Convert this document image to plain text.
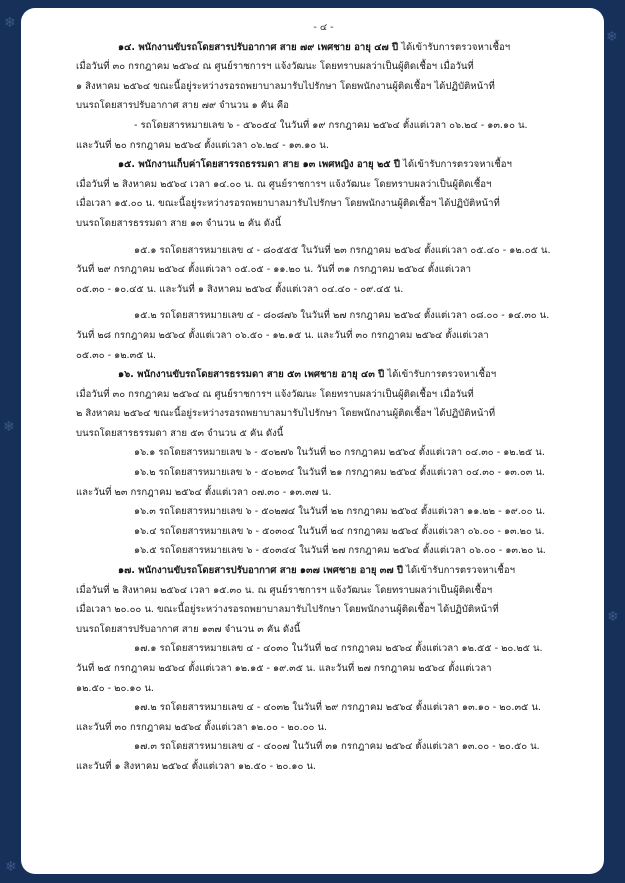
❄
❄
❄
❄
❄
- ๔ -
๑๔. พนักงานขับรถโดยสารปรับอากาศ สาย ๗๙ เพศชาย อายุ ๔๗ ปี ได้เข้ารับการตรวจหาเชื้อฯ
เมื่อวันที่ ๓๐ กรกฎาคม ๒๕๖๔ ณ ศูนย์ราชการฯ แจ้งวัฒนะ โดยทราบผลว่าเป็นผู้ติดเชื้อฯ เมื่อวันที่
๑ สิงหาคม ๒๕๖๔ ขณะนี้อยู่ระหว่างรอรถพยาบาลมารับไปรักษา โดยพนักงานผู้ติดเชื้อฯ ได้ปฏิบัติหน้าที่
บนรถโดยสารปรับอากาศ สาย ๗๙ จำนวน ๑ คัน คือ
- รถโดยสารหมายเลข ๖ - ๕๖๐๕๔ ในวันที่ ๑๙ กรกฎาคม ๒๕๖๔ ตั้งแต่เวลา ๐๖.๒๔ - ๑๓.๑๐ น.
และวันที่ ๒๐ กรกฎาคม ๒๕๖๔ ตั้งแต่เวลา ๐๖.๒๔ - ๑๓.๑๐ น.
๑๕. พนักงานเก็บค่าโดยสารรถธรรมดา สาย ๑๓ เพศหญิง อายุ ๒๕ ปี ได้เข้ารับการตรวจหาเชื้อฯ
เมื่อวันที่ ๒ สิงหาคม ๒๕๖๔ เวลา ๑๔.๐๐ น. ณ ศูนย์ราชการฯ แจ้งวัฒนะ โดยทราบผลว่าเป็นผู้ติดเชื้อฯ
เมื่อเวลา ๑๕.๐๐ น. ขณะนี้อยู่ระหว่างรอรถพยาบาลมารับไปรักษา โดยพนักงานผู้ติดเชื้อฯ ได้ปฏิบัติหน้าที่
บนรถโดยสารธรรมดา สาย ๑๓ จำนวน ๒ คัน ดังนี้
๑๕.๑ รถโดยสารหมายเลข ๔ - ๘๐๕๕๕ ในวันที่ ๒๓ กรกฎาคม ๒๕๖๔ ตั้งแต่เวลา ๐๕.๔๐ - ๑๒.๐๕ น.
วันที่ ๒๙ กรกฎาคม ๒๕๖๔ ตั้งแต่เวลา ๐๕.๐๕ - ๑๑.๒๐ น. วันที่ ๓๑ กรกฎาคม ๒๕๖๔ ตั้งแต่เวลา
๐๕.๓๐ - ๑๐.๔๕ น. และวันที่ ๑ สิงหาคม ๒๕๖๔ ตั้งแต่เวลา ๐๔.๔๐ - ๐๙.๔๕ น.
๑๕.๒ รถโดยสารหมายเลข ๔ - ๘๐๘๗๖ ในวันที่ ๒๗ กรกฎาคม ๒๕๖๔ ตั้งแต่เวลา ๐๘.๐๐ - ๑๔.๓๐ น.
วันที่ ๒๘ กรกฎาคม ๒๕๖๔ ตั้งแต่เวลา ๐๖.๕๐ - ๑๒.๑๕ น. และวันที่ ๓๐ กรกฎาคม ๒๕๖๔ ตั้งแต่เวลา
๐๕.๓๐ - ๑๒.๓๕ น.
๑๖. พนักงานขับรถโดยสารธรรมดา สาย ๕๓ เพศชาย อายุ ๔๓ ปี ได้เข้ารับการตรวจหาเชื้อฯ
เมื่อวันที่ ๓๐ กรกฎาคม ๒๕๖๔ ณ ศูนย์ราชการฯ แจ้งวัฒนะ โดยทราบผลว่าเป็นผู้ติดเชื้อฯ เมื่อวันที่
๒ สิงหาคม ๒๕๖๔ ขณะนี้อยู่ระหว่างรอรถพยาบาลมารับไปรักษา โดยพนักงานผู้ติดเชื้อฯ ได้ปฏิบัติหน้าที่
บนรถโดยสารธรรมดา สาย ๕๓ จำนวน ๕ คัน ดังนี้
๑๖.๑ รถโดยสารหมายเลข ๖ - ๕๐๒๗๖ ในวันที่ ๒๐ กรกฎาคม ๒๕๖๔ ตั้งแต่เวลา ๐๔.๓๐ - ๑๒.๒๕ น.
๑๖.๒ รถโดยสารหมายเลข ๖ - ๕๐๒๓๔ ในวันที่ ๒๑ กรกฎาคม ๒๕๖๔ ตั้งแต่เวลา ๐๔.๓๐ - ๑๓.๐๓ น.
และวันที่ ๒๓ กรกฎาคม ๒๕๖๔ ตั้งแต่เวลา ๐๗.๓๐ - ๑๓.๓๗ น.
๑๖.๓ รถโดยสารหมายเลข ๖ - ๕๐๒๗๔ ในวันที่ ๒๒ กรกฎาคม ๒๕๖๔ ตั้งแต่เวลา ๑๑.๒๒ - ๑๙.๐๐ น.
๑๖.๔ รถโดยสารหมายเลข ๖ - ๕๐๓๐๔ ในวันที่ ๒๔ กรกฎาคม ๒๕๖๔ ตั้งแต่เวลา ๐๖.๐๐ - ๑๓.๒๐ น.
๑๖.๕ รถโดยสารหมายเลข ๖ - ๕๐๓๔๔ ในวันที่ ๒๗ กรกฎาคม ๒๕๖๔ ตั้งแต่เวลา ๐๖.๐๐ - ๑๓.๒๐ น.
๑๗. พนักงานขับรถโดยสารปรับอากาศ สาย ๑๓๗ เพศชาย อายุ ๓๗ ปี ได้เข้ารับการตรวจหาเชื้อฯ
เมื่อวันที่ ๒ สิงหาคม ๒๕๖๔ เวลา ๑๕.๓๐ น. ณ ศูนย์ราชการฯ แจ้งวัฒนะ โดยทราบผลว่าเป็นผู้ติดเชื้อฯ
เมื่อเวลา ๒๐.๐๐ น. ขณะนี้อยู่ระหว่างรอรถพยาบาลมารับไปรักษา โดยพนักงานผู้ติดเชื้อฯ ได้ปฏิบัติหน้าที่
บนรถโดยสารปรับอากาศ สาย ๑๓๗ จำนวน ๓ คัน ดังนี้
๑๗.๑ รถโดยสารหมายเลข ๔ - ๔๐๓๐ ในวันที่ ๒๔ กรกฎาคม ๒๕๖๔ ตั้งแต่เวลา ๑๒.๕๕ - ๒๐.๒๕ น.
วันที่ ๒๕ กรกฎาคม ๒๕๖๔ ตั้งแต่เวลา ๑๒.๑๕ - ๑๙.๓๕ น. และวันที่ ๒๗ กรกฎาคม ๒๕๖๔ ตั้งแต่เวลา
๑๒.๕๐ - ๒๐.๑๐ น.
๑๗.๒ รถโดยสารหมายเลข ๔ - ๔๐๓๒ ในวันที่ ๒๙ กรกฎาคม ๒๕๖๔ ตั้งแต่เวลา ๑๓.๑๐ - ๒๐.๓๕ น.
และวันที่ ๓๐ กรกฎาคม ๒๕๖๔ ตั้งแต่เวลา ๑๒.๐๐ - ๒๐.๐๐ น.
๑๗.๓ รถโดยสารหมายเลข ๔ - ๔๐๐๗ ในวันที่ ๓๑ กรกฎาคม ๒๕๖๔ ตั้งแต่เวลา ๑๓.๐๐ - ๒๐.๕๐ น.
และวันที่ ๑ สิงหาคม ๒๕๖๔ ตั้งแต่เวลา ๑๒.๕๐ - ๒๐.๑๐ น.
